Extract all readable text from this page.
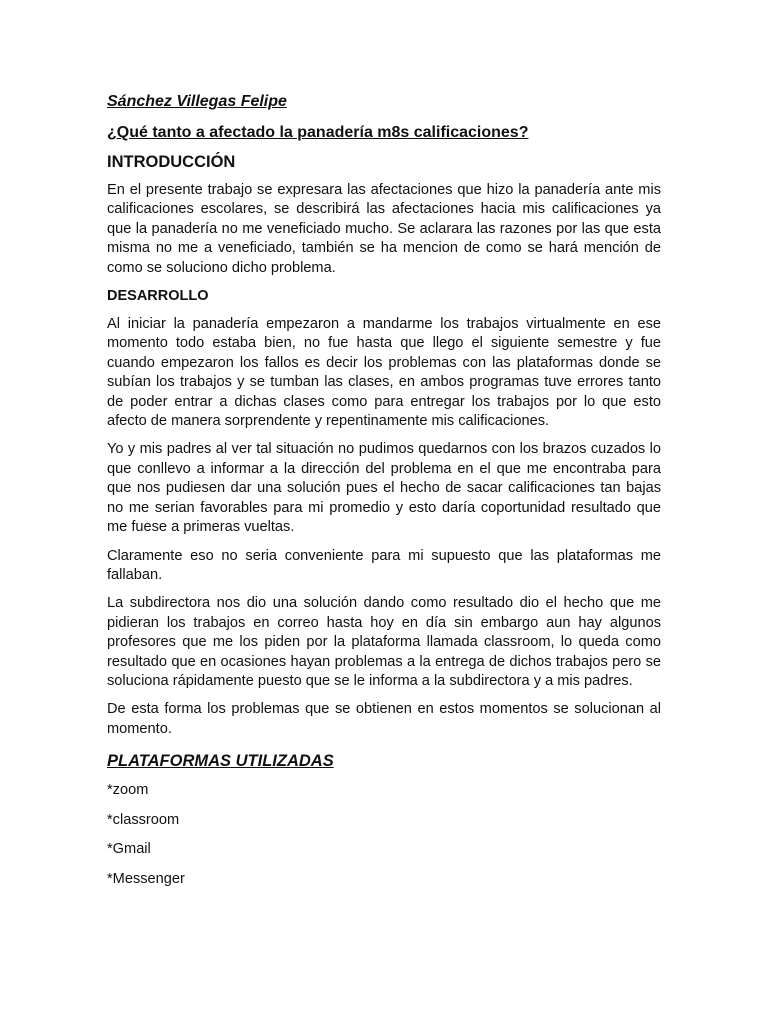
Sánchez Villegas Felipe
¿Qué tanto a afectado la panadería m8s calificaciones?
INTRODUCCIÓN

En el presente trabajo se expresara las afectaciones que hizo la panadería ante mis calificaciones escolares, se describirá las afectaciones hacia mis calificaciones ya que la panadería no me veneficiado mucho. Se aclarara las razones por las que esta misma no me a veneficiado, también se ha mencion de como se hará mención de como se soluciono dicho problema.

DESARROLLO

Al iniciar la panadería empezaron a mandarme los trabajos virtualmente en ese momento todo estaba bien, no fue hasta que llego el siguiente semestre y fue cuando empezaron los fallos es decir los problemas con las plataformas donde se subían los trabajos y se tumban las clases, en ambos programas tuve errores tanto de poder entrar a dichas clases como para entregar los trabajos por lo que esto afecto de manera sorprendente y repentinamente mis calificaciones.

Yo y mis padres al ver tal situación no pudimos quedarnos con los brazos cuzados lo que conllevo a informar a la dirección del problema en el que me encontraba para que nos pudiesen dar una solución pues el hecho de sacar calificaciones tan bajas no me serian favorables para mi promedio y esto daría coportunidad resultado que me fuese a primeras vueltas.

Claramente eso no seria conveniente para mi supuesto que las plataformas me fallaban.

La subdirectora nos dio una solución dando como resultado dio el hecho que me pidieran los trabajos en correo hasta hoy en día sin embargo aun hay algunos profesores que me los piden por la plataforma llamada classroom, lo queda como resultado que en ocasiones hayan problemas a la entrega de dichos trabajos pero se soluciona rápidamente puesto que se le informa a la subdirectora y a mis padres.

De esta forma los problemas que se obtienen en estos momentos se solucionan al momento.

PLATAFORMAS UTILIZADAS
*zoom
*classroom
*Gmail
*Messenger
